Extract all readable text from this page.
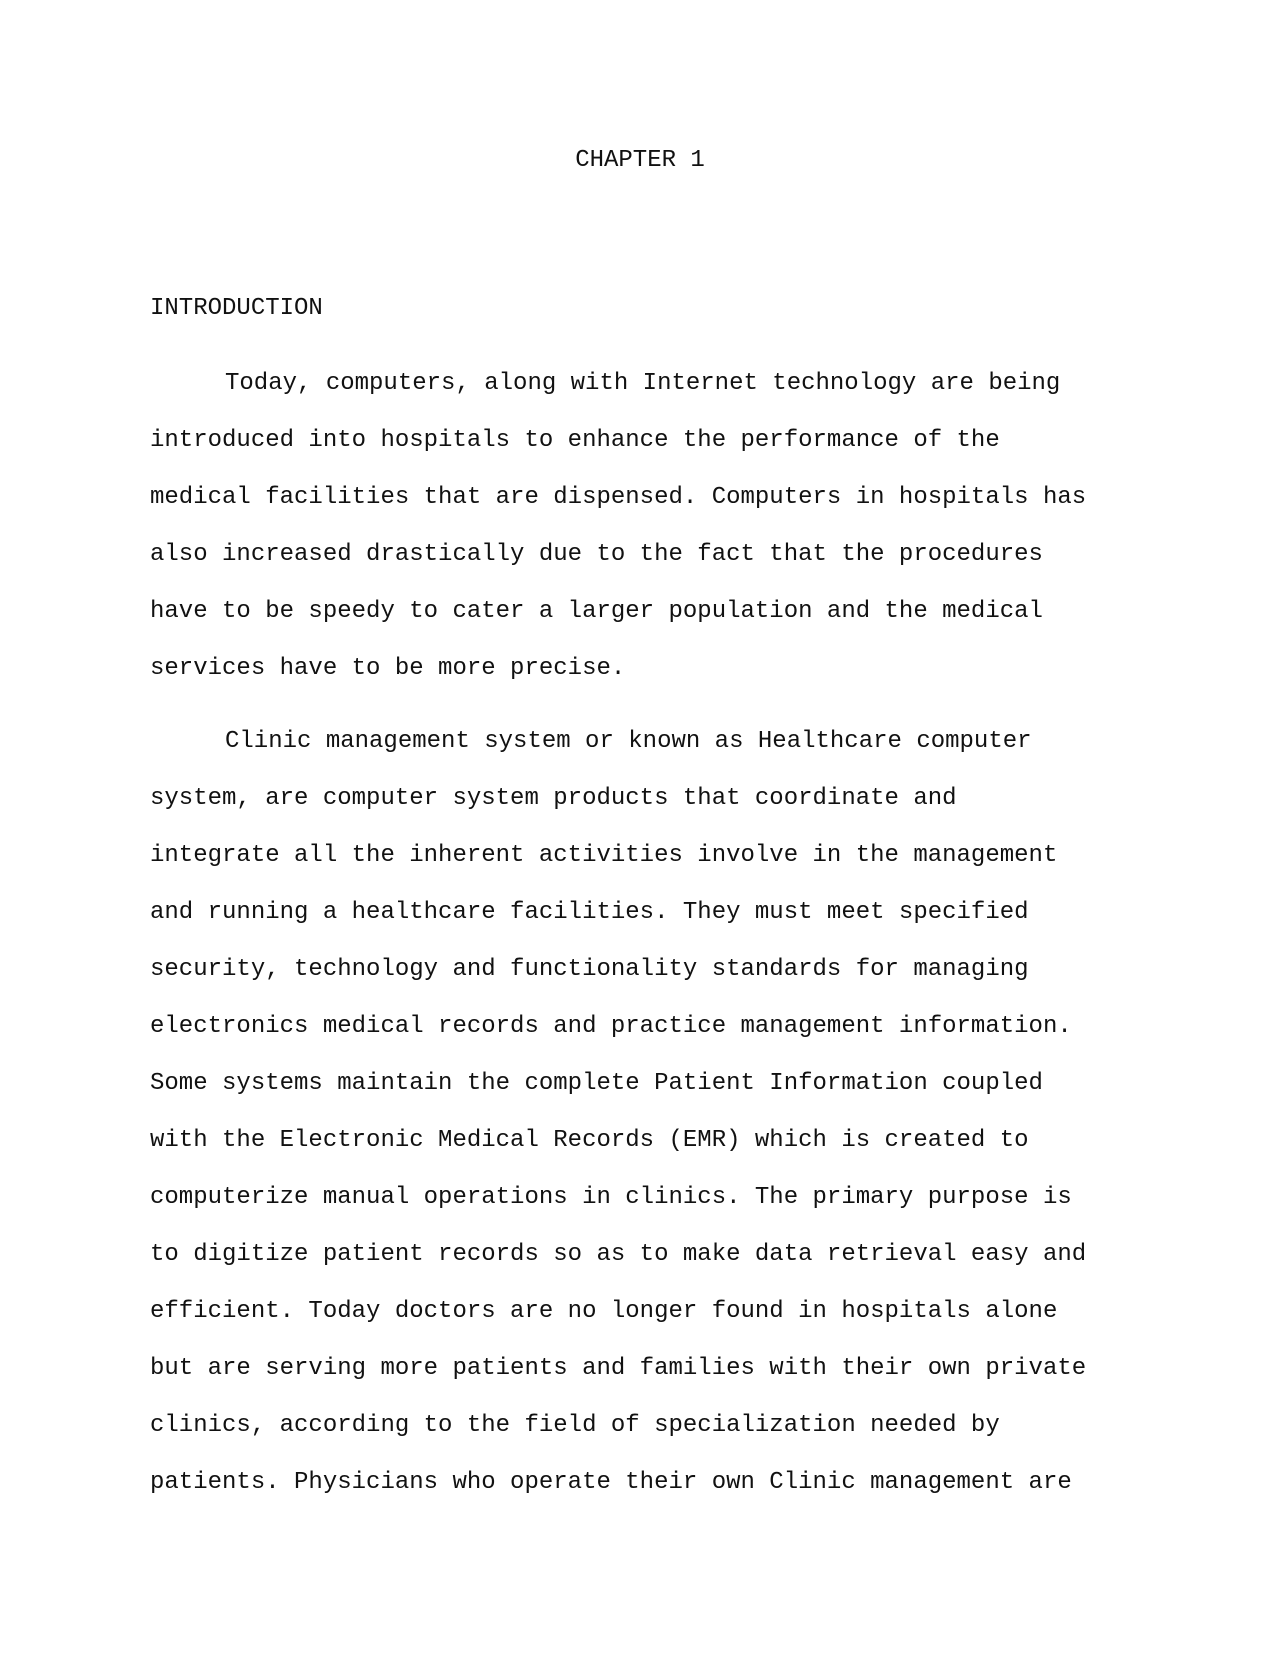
CHAPTER 1
INTRODUCTION
Today, computers, along with Internet technology are being
introduced into hospitals to enhance the performance of the
medical facilities that are dispensed. Computers in hospitals has
also increased drastically due to the fact that the procedures
have to be speedy to cater a larger population and the medical
services have to be more precise.
Clinic management system or known as Healthcare computer
system, are computer system products that coordinate and
integrate all the inherent activities involve in the management
and running a healthcare facilities. They must meet specified
security, technology and functionality standards for managing
electronics medical records and practice management information.
Some systems maintain the complete Patient Information coupled
with the Electronic Medical Records (EMR) which is created to
computerize manual operations in clinics. The primary purpose is
to digitize patient records so as to make data retrieval easy and
efficient. Today doctors are no longer found in hospitals alone
but are serving more patients and families with their own private
clinics, according to the field of specialization needed by
patients. Physicians who operate their own Clinic management are
